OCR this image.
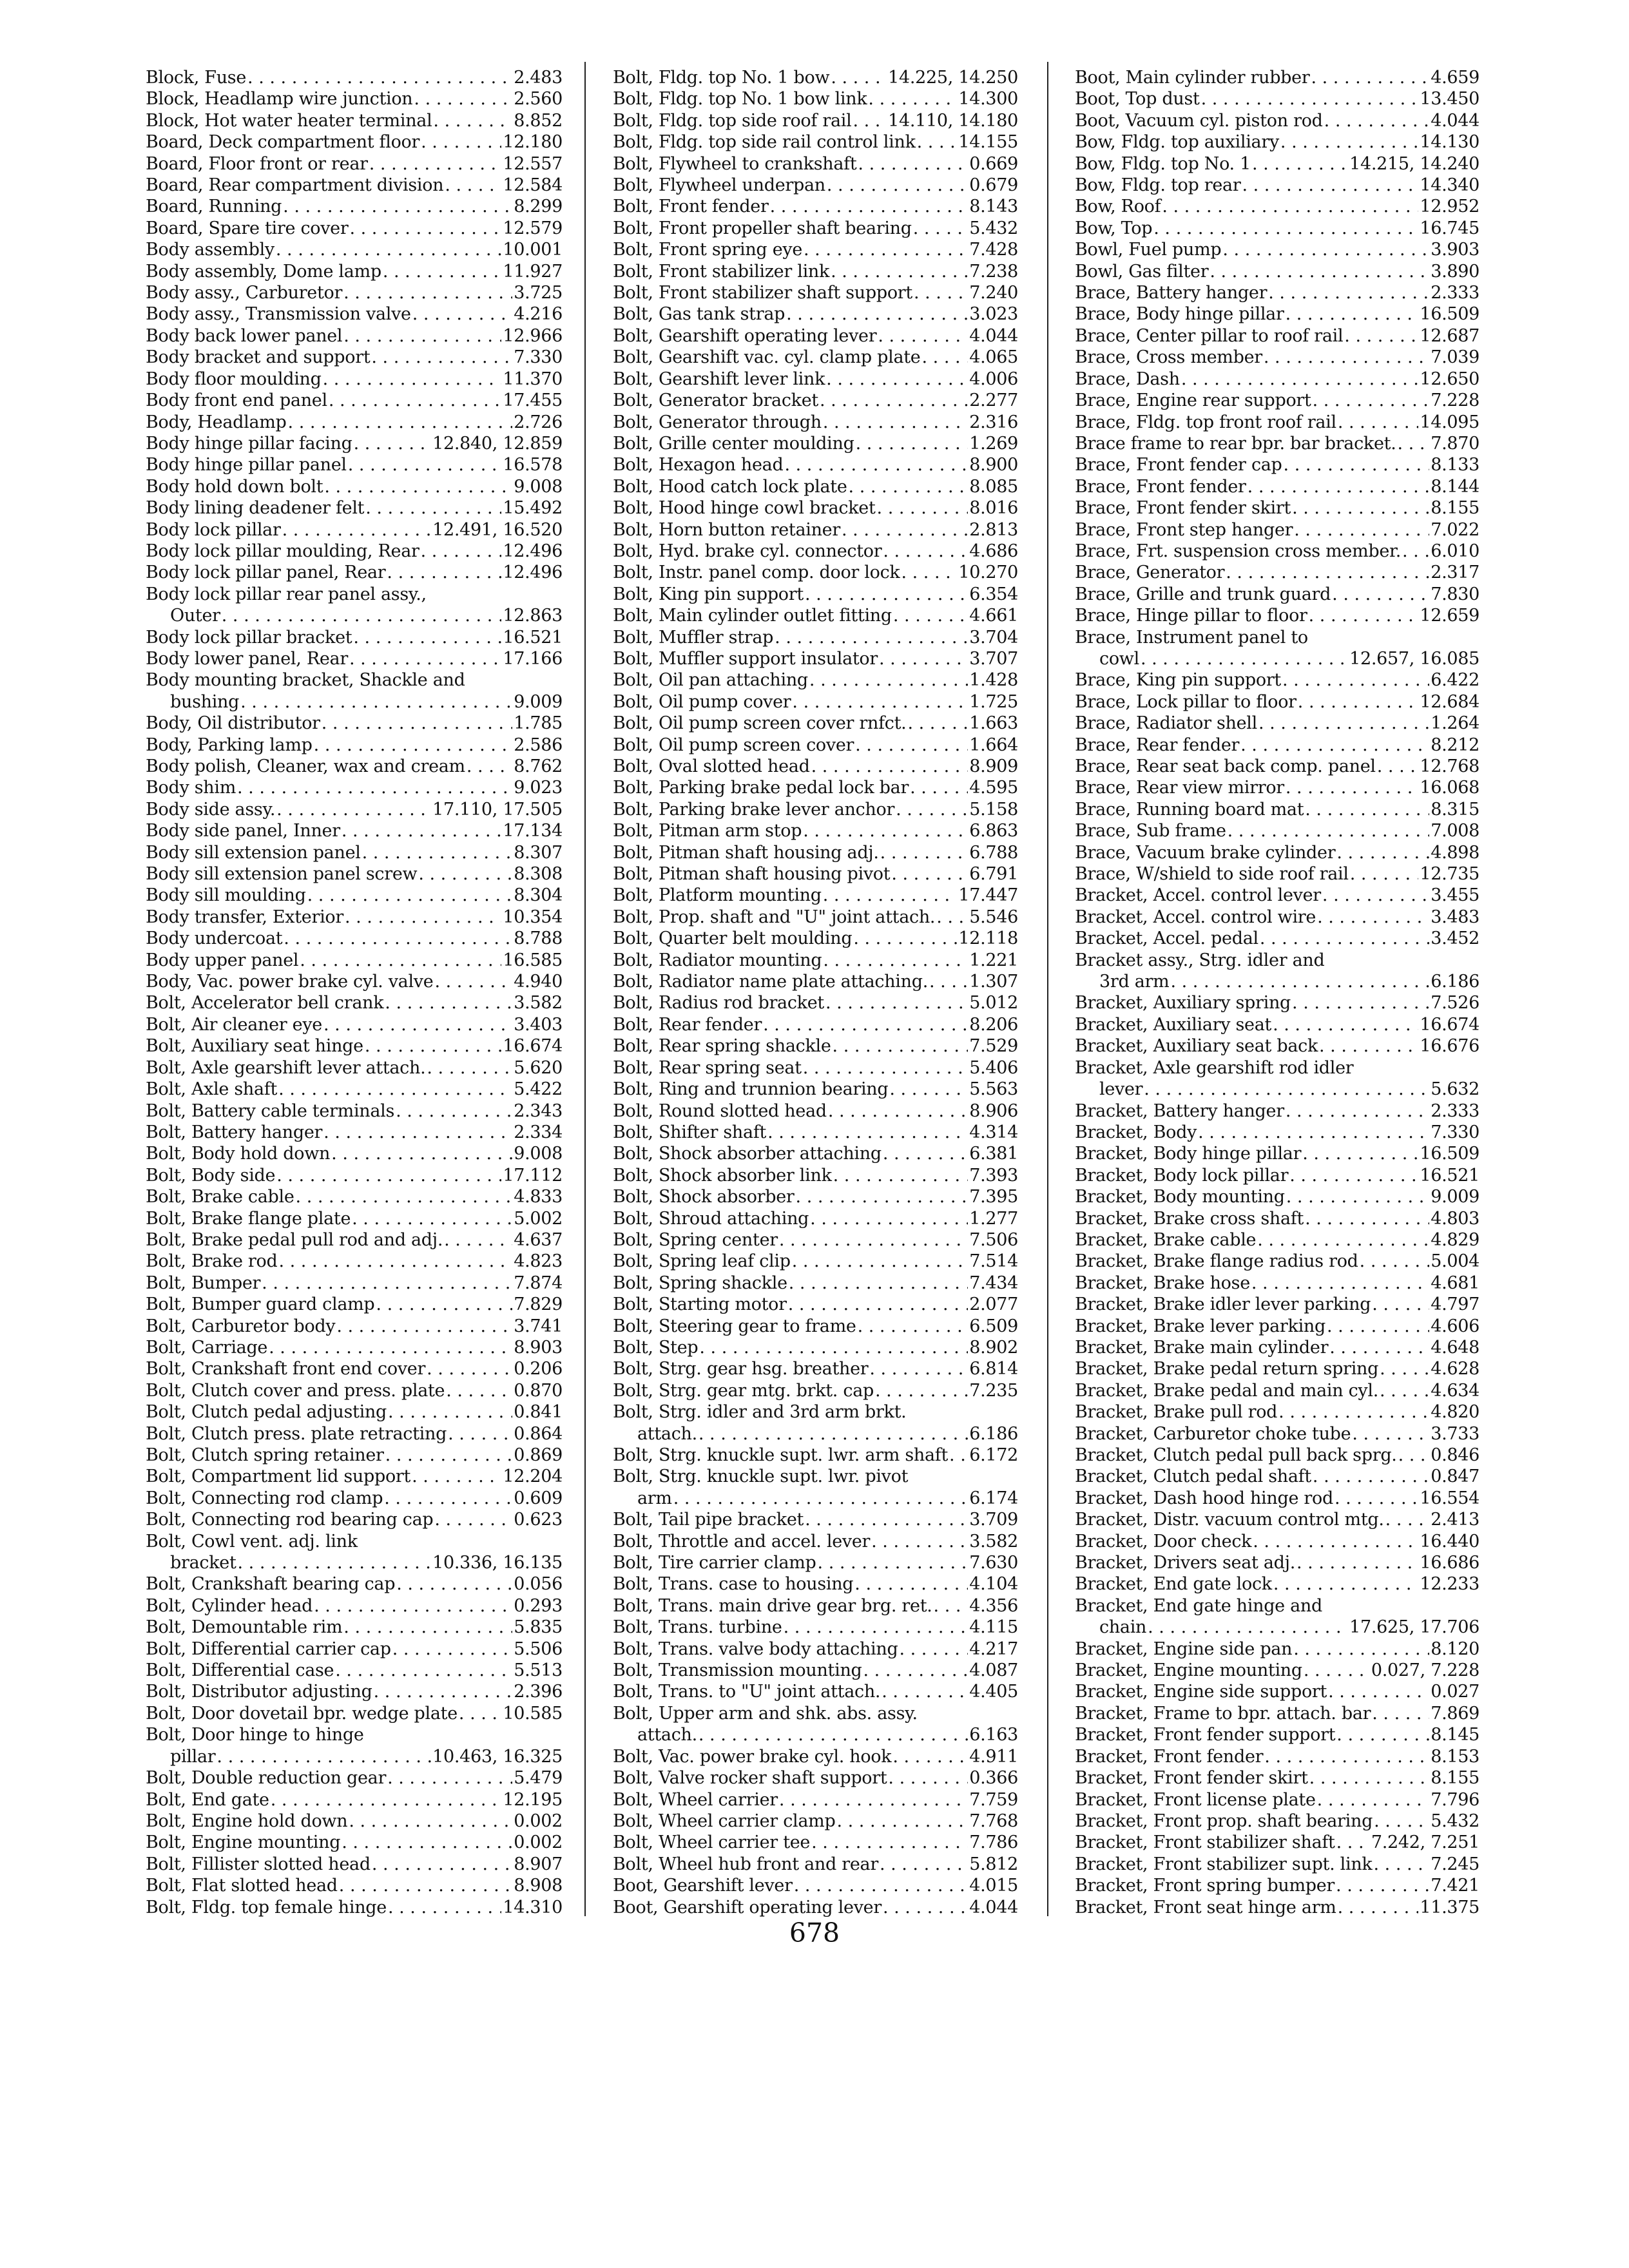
Block, Fuse . . .	2.483
Block, Headlamp wire junction . . .	2.560
Block, Hot water heater terminal . . .	8.852
Board, Deck compartment floor . . .	12.180
Board, Floor front or rear . . .	12.557
Board, Rear compartment division . . .	12.584
Board, Running . . .	8.299
Board, Spare tire cover . . .	12.579
Body assembly . . .	10.001
Body assembly, Dome lamp . . .	11.927
Body assy., Carburetor . . .	3.725
Body assy., Transmission valve . . .	4.216
Body back lower panel . . .	12.966
Body bracket and support . . .	7.330
Body floor moulding . . .	11.370
Body front end panel . . .	17.455
Body, Headlamp . . .	2.726
Body hinge pillar facing . . .	12.840, 12.859
Body hinge pillar panel . . .	16.578
Body hold down bolt . . .	9.008
Body lining deadener felt . . .	15.492
Body lock pillar . . .	12.491, 16.520
Body lock pillar moulding, Rear . . .	12.496
Body lock pillar panel, Rear . . .	12.496
Body lock pillar rear panel assy.,
Outer . . .	12.863
Body lock pillar bracket . . .	16.521
Body lower panel, Rear . . .	17.166
Body mounting bracket, Shackle and
bushing . . .	9.009
Body, Oil distributor . . .	1.785
Body, Parking lamp . . .	2.586
Body polish, Cleaner, wax and cream . . .	8.762
Body shim . . .	9.023
Body side assy. . . .	17.110, 17.505
Body side panel, Inner . . .	17.134
Body sill extension panel . . .	8.307
Body sill extension panel screw . . .	8.308
Body sill moulding . . .	8.304
Body transfer, Exterior . . .	10.354
Body undercoat . . .	8.788
Body upper panel . . .	16.585
Body, Vac. power brake cyl. valve . . .	4.940
Bolt, Accelerator bell crank . . .	3.582
Bolt, Air cleaner eye . . .	3.403
Bolt, Auxiliary seat hinge . . .	16.674
Bolt, Axle gearshift lever attach. . . .	5.620
Bolt, Axle shaft . . .	5.422
Bolt, Battery cable terminals . . .	2.343
Bolt, Battery hanger . . .	2.334
Bolt, Body hold down . . .	9.008
Bolt, Body side . . .	17.112
Bolt, Brake cable . . .	4.833
Bolt, Brake flange plate . . .	5.002
Bolt, Brake pedal pull rod and adj. . . .	4.637
Bolt, Brake rod . . .	4.823
Bolt, Bumper . . .	7.874
Bolt, Bumper guard clamp . . .	7.829
Bolt, Carburetor body . . .	3.741
Bolt, Carriage . . .	8.903
Bolt, Crankshaft front end cover . . .	0.206
Bolt, Clutch cover and press. plate . . .	0.870
Bolt, Clutch pedal adjusting . . .	0.841
Bolt, Clutch press. plate retracting . . .	0.864
Bolt, Clutch spring retainer . . .	0.869
Bolt, Compartment lid support . . .	12.204
Bolt, Connecting rod clamp . . .	0.609
Bolt, Connecting rod bearing cap . . .	0.623
Bolt, Cowl vent. adj. link
bracket . . .	10.336, 16.135
Bolt, Crankshaft bearing cap . . .	0.056
Bolt, Cylinder head . . .	0.293
Bolt, Demountable rim . . .	5.835
Bolt, Differential carrier cap . . .	5.506
Bolt, Differential case . . .	5.513
Bolt, Distributor adjusting . . .	2.396
Bolt, Door dovetail bpr. wedge plate . . .	10.585
Bolt, Door hinge to hinge
pillar . . .	10.463, 16.325
Bolt, Double reduction gear . . .	5.479
Bolt, End gate . . .	12.195
Bolt, Engine hold down . . .	0.002
Bolt, Engine mounting . . .	0.002
Bolt, Fillister slotted head . . .	8.907
Bolt, Flat slotted head . . .	8.908
Bolt, Fldg. top female hinge . . .	14.310
Bolt, Fldg. top No. 1 bow . . .	14.225, 14.250
Bolt, Fldg. top No. 1 bow link . . .	14.300
Bolt, Fldg. top side roof rail . . . 14.110, 14.180
Bolt, Fldg. top side rail control link . . . 14.155
Bolt, Flywheel to crankshaft . . .	0.669
Bolt, Flywheel underpan . . .	0.679
Bolt, Front fender . . .	8.143
Bolt, Front propeller shaft bearing . . .	5.432
Bolt, Front spring eye . . .	7.428
Bolt, Front stabilizer link . . .	7.238
Bolt, Front stabilizer shaft support . . .	7.240
Bolt, Gas tank strap . . .	3.023
Bolt, Gearshift operating lever . . .	4.044
Bolt, Gearshift vac. cyl. clamp plate . . .	4.065
Bolt, Gearshift lever link . . .	4.006
Bolt, Generator bracket . . .	2.277
Bolt, Generator through . . .	2.316
Bolt, Grille center moulding . . .	1.269
Bolt, Hexagon head . . .	8.900
Bolt, Hood catch lock plate . . .	8.085
Bolt, Hood hinge cowl bracket . . .	8.016
Bolt, Horn button retainer . . .	2.813
Bolt, Hyd. brake cyl. connector . . .	4.686
Bolt, Instr. panel comp. door lock . . .	10.270
Bolt, King pin support . . .	6.354
Bolt, Main cylinder outlet fitting . . .	4.661
Bolt, Muffler strap . . .	3.704
Bolt, Muffler support insulator . . .	3.707
Bolt, Oil pan attaching . . .	1.428
Bolt, Oil pump cover . . .	1.725
Bolt, Oil pump screen cover rnfct. . . .	1.663
Bolt, Oil pump screen cover . . .	1.664
Bolt, Oval slotted head . . .	8.909
Bolt, Parking brake pedal lock bar . . .	4.595
Bolt, Parking brake lever anchor . . .	5.158
Bolt, Pitman arm stop . . .	6.863
Bolt, Pitman shaft housing adj. . . .	6.788
Bolt, Pitman shaft housing pivot . . .	6.791
Bolt, Platform mounting . . .	17.447
Bolt, Prop. shaft and "U" joint attach. . . . 5.546
Bolt, Quarter belt moulding . . .	12.118
Bolt, Radiator mounting . . .	1.221
Bolt, Radiator name plate attaching. . . . 1.307
Bolt, Radius rod bracket . . .	5.012
Bolt, Rear fender . . .	8.206
Bolt, Rear spring shackle . . .	7.529
Bolt, Rear spring seat . . .	5.406
Bolt, Ring and trunnion bearing . . .	5.563
Bolt, Round slotted head . . .	8.906
Bolt, Shifter shaft . . .	4.314
Bolt, Shock absorber attaching . . .	6.381
Bolt, Shock absorber link . . .	7.393
Bolt, Shock absorber . . .	7.395
Bolt, Shroud attaching . . .	1.277
Bolt, Spring center . . .	7.506
Bolt, Spring leaf clip . . .	7.514
Bolt, Spring shackle . . .	7.434
Bolt, Starting motor . . .	2.077
Bolt, Steering gear to frame . . .	6.509
Bolt, Step . . .	8.902
Bolt, Strg. gear hsg. breather . . .	6.814
Bolt, Strg. gear mtg. brkt. cap . . .	7.235
Bolt, Strg. idler and 3rd arm brkt.
attach. . . .	6.186
Bolt, Strg. knuckle supt. lwr. arm shaft . . . 6.172
Bolt, Strg. knuckle supt. lwr. pivot
arm . . .	6.174
Bolt, Tail pipe bracket . . .	3.709
Bolt, Throttle and accel. lever . . .	3.582
Bolt, Tire carrier clamp . . .	7.630
Bolt, Trans. case to housing . . .	4.104
Bolt, Trans. main drive gear brg. ret. . . . 4.356
Bolt, Trans. turbine . . .	4.115
Bolt, Trans. valve body attaching . . .	4.217
Bolt, Transmission mounting . . .	4.087
Bolt, Trans. to "U" joint attach. . . .	4.405
Bolt, Upper arm and shk. abs. assy.
attach. . . .	6.163
Bolt, Vac. power brake cyl. hook . . .	4.911
Bolt, Valve rocker shaft support . . .	0.366
Bolt, Wheel carrier . . .	7.759
Bolt, Wheel carrier clamp . . .	7.768
Bolt, Wheel carrier tee . . .	7.786
Bolt, Wheel hub front and rear . . .	5.812
Boot, Gearshift lever . . .	4.015
Boot, Gearshift operating lever . . .	4.044
Boot, Main cylinder rubber . . .	4.659
Boot, Top dust . . .	13.450
Boot, Vacuum cyl. piston rod . . .	4.044
Bow, Fldg. top auxiliary . . .	14.130
Bow, Fldg. top No. 1 . . .	14.215, 14.240
Bow, Fldg. top rear . . .	14.340
Bow, Roof . . .	12.952
Bow, Top . . .	16.745
Bowl, Fuel pump . . .	3.903
Bowl, Gas filter . . .	3.890
Brace, Battery hanger . . .	2.333
Brace, Body hinge pillar . . .	16.509
Brace, Center pillar to roof rail . . .	12.687
Brace, Cross member . . .	7.039
Brace, Dash . . .	12.650
Brace, Engine rear support . . .	7.228
Brace, Fldg. top front roof rail . . .	14.095
Brace frame to rear bpr. bar bracket. . . . 7.870
Brace, Front fender cap . . .	8.133
Brace, Front fender . . .	8.144
Brace, Front fender skirt . . .	8.155
Brace, Front step hanger . . .	7.022
Brace, Frt. suspension cross member. . . . 6.010
Brace, Generator . . .	2.317
Brace, Grille and trunk guard . . .	7.830
Brace, Hinge pillar to floor . . .	12.659
Brace, Instrument panel to
cowl . . .	12.657, 16.085
Brace, King pin support . . .	6.422
Brace, Lock pillar to floor . . .	12.684
Brace, Radiator shell . . .	1.264
Brace, Rear fender . . .	8.212
Brace, Rear seat back comp. panel . . .	12.768
Brace, Rear view mirror . . .	16.068
Brace, Running board mat . . .	8.315
Brace, Sub frame . . .	7.008
Brace, Vacuum brake cylinder . . .	4.898
Brace, W/shield to side roof rail . . .	12.735
Bracket, Accel. control lever . . .	3.455
Bracket, Accel. control wire . . .	3.483
Bracket, Accel. pedal . . .	3.452
Bracket assy., Strg. idler and
3rd arm . . .	6.186
Bracket, Auxiliary spring . . .	7.526
Bracket, Auxiliary seat . . .	16.674
Bracket, Auxiliary seat back . . .	16.676
Bracket, Axle gearshift rod idler
lever . . .	5.632
Bracket, Battery hanger . . .	2.333
Bracket, Body . . .	7.330
Bracket, Body hinge pillar . . .	16.509
Bracket, Body lock pillar . . .	16.521
Bracket, Body mounting . . .	9.009
Bracket, Brake cross shaft . . .	4.803
Bracket, Brake cable . . .	4.829
Bracket, Brake flange radius rod . . .	5.004
Bracket, Brake hose . . .	4.681
Bracket, Brake idler lever parking . . .	4.797
Bracket, Brake lever parking . . .	4.606
Bracket, Brake main cylinder . . .	4.648
Bracket, Brake pedal return spring . . .	4.628
Bracket, Brake pedal and main cyl. . . .	4.634
Bracket, Brake pull rod . . .	4.820
Bracket, Carburetor choke tube . . .	3.733
Bracket, Clutch pedal pull back sprg. . . . 0.846
Bracket, Clutch pedal shaft . . .	0.847
Bracket, Dash hood hinge rod . . .	16.554
Bracket, Distr. vacuum control mtg. . . .	2.413
Bracket, Door check . . .	16.440
Bracket, Drivers seat adj. . . .	16.686
Bracket, End gate lock . . .	12.233
Bracket, End gate hinge and
chain . . .	17.625, 17.706
Bracket, Engine side pan . . .	8.120
Bracket, Engine mounting . . .	0.027, 7.228
Bracket, Engine side support . . .	0.027
Bracket, Frame to bpr. attach. bar . . .	7.869
Bracket, Front fender support . . .	8.145
Bracket, Front fender . . .	8.153
Bracket, Front fender skirt . . .	8.155
Bracket, Front license plate . . .	7.796
Bracket, Front prop. shaft bearing . . .	5.432
Bracket, Front stabilizer shaft . . . 7.242, 7.251
Bracket, Front stabilizer supt. link . . .	7.245
Bracket, Front spring bumper . . .	7.421
Bracket, Front seat hinge arm . . .	11.375
678
